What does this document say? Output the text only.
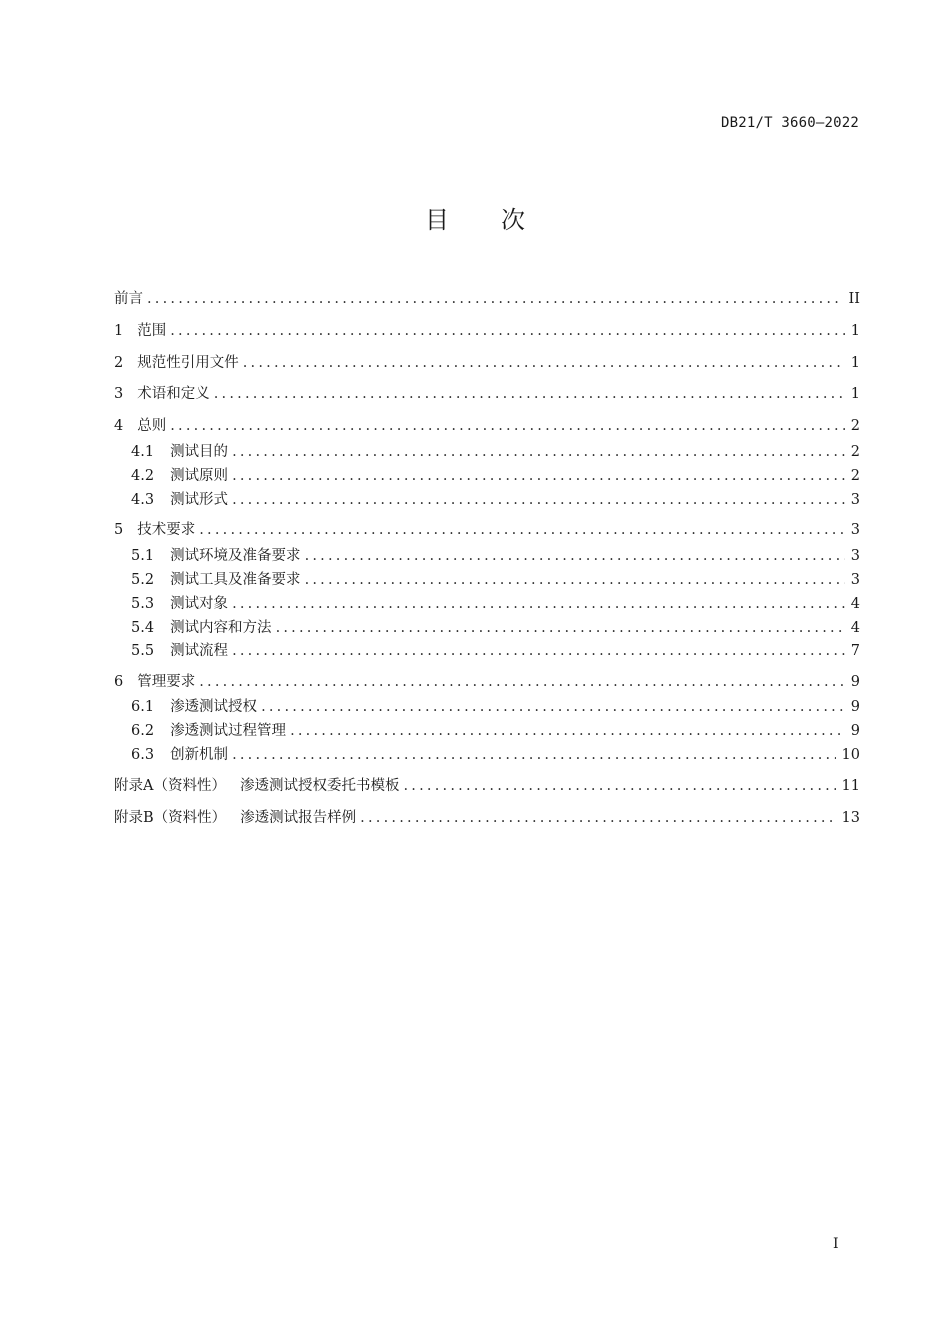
DB21/T 3660—2022
目 次
前言 .....	II
1 范围 .....	1
2 规范性引用文件 .....	1
3 术语和定义 .....	1
4 总则 .....	2
4.1 测试目的 .....	2
4.2 测试原则 .....	2
4.3 测试形式 .....	3
5 技术要求 .....	3
5.1 测试环境及准备要求 .....	3
5.2 测试工具及准备要求 .....	3
5.3 测试对象 .....	4
5.4 测试内容和方法 .....	4
5.5 测试流程 .....	7
6 管理要求 .....	9
6.1 渗透测试授权 .....	9
6.2 渗透测试过程管理 .....	9
6.3 创新机制 .....	10
附录A（资料性） 渗透测试授权委托书模板 .....	11
附录B（资料性） 渗透测试报告样例 .....	13
I
